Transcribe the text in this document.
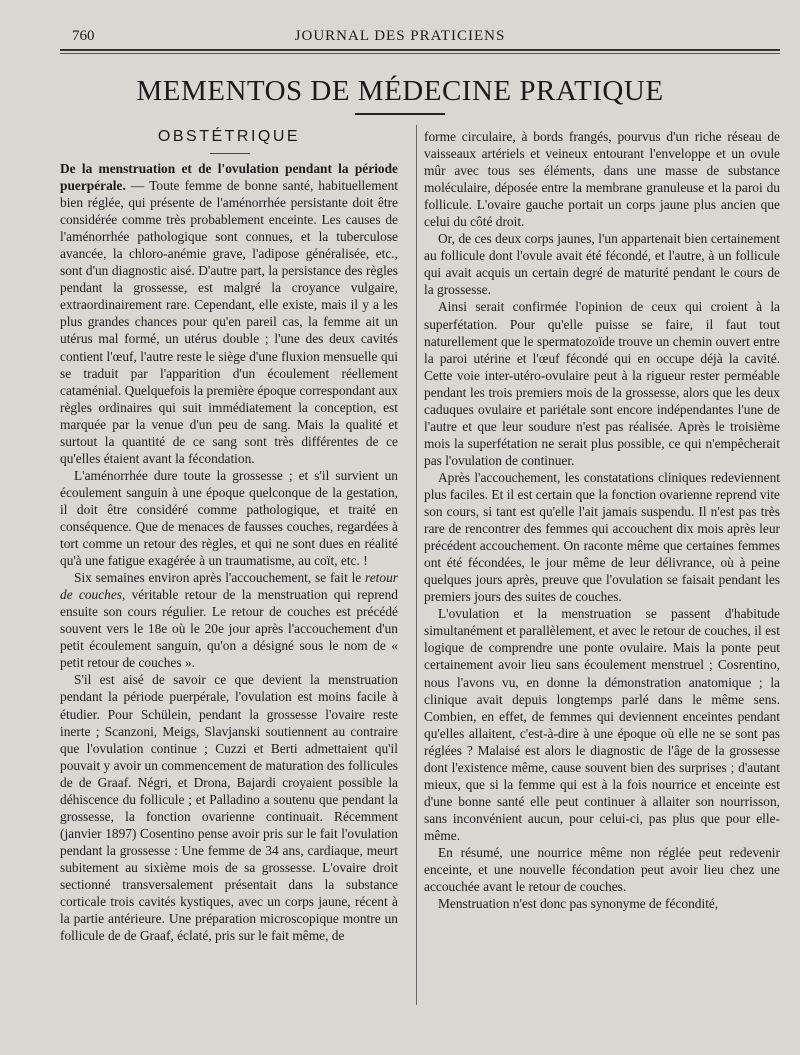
760	JOURNAL DES PRATICIENS
MEMENTOS DE MÉDECINE PRATIQUE
OBSTÉTRIQUE

De la menstruation et de l'ovulation pendant la période puerpérale. — Toute femme de bonne santé, habituellement bien réglée, qui présente de l'aménorrhée persistante doit être considérée comme très probablement enceinte. Les causes de l'aménorrhée pathologique sont connues, et la tuberculose avancée, la chloro-anémie grave, l'adipose généralisée, etc., sont d'un diagnostic aisé. D'autre part, la persistance des règles pendant la grossesse, est malgré la croyance vulgaire, extraordinairement rare. Cependant, elle existe, mais il y a les plus grandes chances pour qu'en pareil cas, la femme ait un utérus mal formé, un utérus double ; l'une des deux cavités contient l'œuf, l'autre reste le siège d'une fluxion mensuelle qui se traduit par l'apparition d'un écoulement réellement cataménial. Quelquefois la première époque correspondant aux règles ordinaires qui suit immédiatement la conception, est marquée par la venue d'un peu de sang. Mais la qualité et surtout la quantité de ce sang sont très différentes de ce qu'elles étaient avant la fécondation.

L'aménorrhée dure toute la grossesse ; et s'il survient un écoulement sanguin à une époque quelconque de la gestation, il doit être considéré comme pathologique, et traité en conséquence. Que de menaces de fausses couches, regardées à tort comme un retour des règles, et qui ne sont dues en réalité qu'à une fatigue exagérée à un traumatisme, au coït, etc. !

Six semaines environ après l'accouchement, se fait le retour de couches, véritable retour de la menstruation qui reprend ensuite son cours régulier. Le retour de couches est précédé souvent vers le 18e où le 20e jour après l'accouchement d'un petit écoulement sanguin, qu'on a désigné sous le nom de « petit retour de couches ».

S'il est aisé de savoir ce que devient la menstruation pendant la période puerpérale, l'ovulation est moins facile à étudier. Pour Schülein, pendant la grossesse l'ovaire reste inerte ; Scanzoni, Meigs, Slavjanski soutiennent au contraire que l'ovulation continue ; Cuzzi et Berti admettaient qu'il pouvait y avoir un commencement de maturation des follicules de de Graaf. Négri, et Drona, Bajardi croyaient possible la déhiscence du follicule ; et Palladino a soutenu que pendant la grossesse, la fonction ovarienne continuait. Récemment (janvier 1897) Cosentino pense avoir pris sur le fait l'ovulation pendant la grossesse : Une femme de 34 ans, cardiaque, meurt subitement au sixième mois de sa grossesse. L'ovaire droit sectionné transversalement présentait dans la substance corticale trois cavités kystiques, avec un corps jaune, récent à la partie antérieure. Une préparation microscopique montre un follicule de de Graaf, éclaté, pris sur le fait même, de

forme circulaire, à bords frangés, pourvus d'un riche réseau de vaisseaux artériels et veineux entourant l'enveloppe et un ovule mûr avec tous ses éléments, dans une masse de substance moléculaire, déposée entre la membrane granuleuse et la paroi du follicule. L'ovaire gauche portait un corps jaune plus ancien que celui du côté droit.

Or, de ces deux corps jaunes, l'un appartenait bien certainement au follicule dont l'ovule avait été fécondé, et l'autre, à un follicule qui avait acquis un certain degré de maturité pendant le cours de la grossesse.

Ainsi serait confirmée l'opinion de ceux qui croient à la superfétation. Pour qu'elle puisse se faire, il faut tout naturellement que le spermatozoïde trouve un chemin ouvert entre la paroi utérine et l'œuf fécondé qui en occupe déjà la cavité. Cette voie inter-utéro-ovulaire peut à la rigueur rester perméable pendant les trois premiers mois de la grossesse, alors que les deux caduques ovulaire et pariétale sont encore indépendantes l'une de l'autre et que leur soudure n'est pas réalisée. Après le troisième mois la superfétation ne serait plus possible, ce qui n'empêcherait pas l'ovulation de continuer.

Après l'accouchement, les constatations cliniques redeviennent plus faciles. Et il est certain que la fonction ovarienne reprend vite son cours, si tant est qu'elle l'ait jamais suspendu. Il n'est pas très rare de rencontrer des femmes qui accouchent dix mois après leur précédent accouchement. On raconte même que certaines femmes ont été fécondées, le jour même de leur délivrance, où à peine quelques jours après, preuve que l'ovulation se faisait pendant les premiers jours des suites de couches.

L'ovulation et la menstruation se passent d'habitude simultanément et parallèlement, et avec le retour de couches, il est logique de comprendre une ponte ovulaire. Mais la ponte peut certainement avoir lieu sans écoulement menstruel ; Cosrentino, nous l'avons vu, en donne la démonstration anatomique ; la clinique avait depuis longtemps parlé dans le même sens. Combien, en effet, de femmes qui deviennent enceintes pendant qu'elles allaitent, c'est-à-dire à une époque où elle ne se sont pas réglées ? Malaisé est alors le diagnostic de l'âge de la grossesse dont l'existence même, cause souvent bien des surprises ; d'autant mieux, que si la femme qui est à la fois nourrice et enceinte est d'une bonne santé elle peut continuer à allaiter son nourrisson, sans inconvénient aucun, pour celui-ci, pas plus que pour elle-même.

En résumé, une nourrice même non réglée peut redevenir enceinte, et une nouvelle fécondation peut avoir lieu chez une accouchée avant le retour de couches.

Menstruation n'est donc pas synonyme de fécondité,
